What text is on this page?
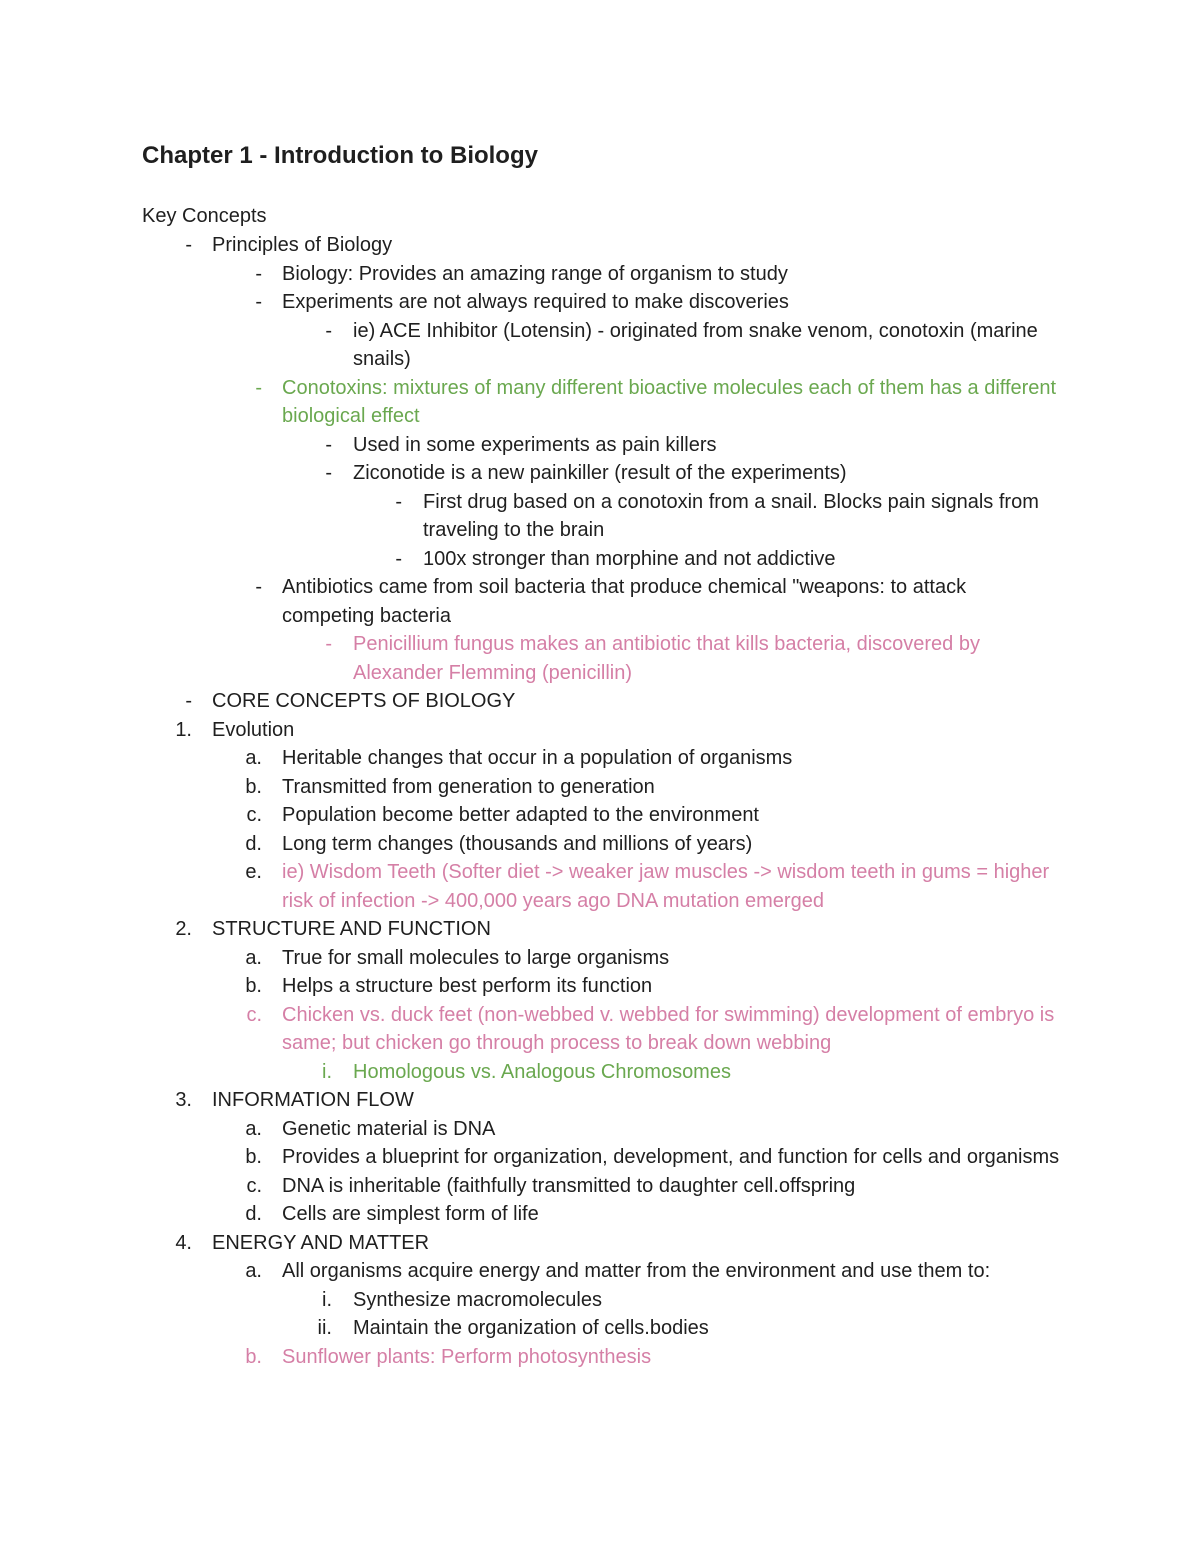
Chapter 1 - Introduction to Biology
Key Concepts
- Principles of Biology
- Biology: Provides an amazing range of organism to study
- Experiments are not always required to make discoveries
- ie) ACE Inhibitor (Lotensin) - originated from snake venom, conotoxin (marine snails)
- Conotoxins: mixtures of many different bioactive molecules each of them has a different biological effect
- Used in some experiments as pain killers
- Ziconotide is a new painkiller (result of the experiments)
- First drug based on a conotoxin from a snail. Blocks pain signals from traveling to the brain
- 100x stronger than morphine and not addictive
- Antibiotics came from soil bacteria that produce chemical "weapons: to attack competing bacteria
- Penicillium fungus makes an antibiotic that kills bacteria, discovered by Alexander Flemming (penicillin)
- CORE CONCEPTS OF BIOLOGY
1. Evolution
a. Heritable changes that occur in a population of organisms
b. Transmitted from generation to generation
c. Population become better adapted to the environment
d. Long term changes (thousands and millions of years)
e. ie) Wisdom Teeth (Softer diet -> weaker jaw muscles -> wisdom teeth in gums = higher risk of infection -> 400,000 years ago DNA mutation emerged
2. STRUCTURE AND FUNCTION
a. True for small molecules to large organisms
b. Helps a structure best perform its function
c. Chicken vs. duck feet (non-webbed v. webbed for swimming) development of embryo is same; but chicken go through process to break down webbing
i. Homologous vs. Analogous Chromosomes
3. INFORMATION FLOW
a. Genetic material is DNA
b. Provides a blueprint for organization, development, and function for cells and organisms
c. DNA is inheritable (faithfully transmitted to daughter cell.offspring
d. Cells are simplest form of life
4. ENERGY AND MATTER
a. All organisms acquire energy and matter from the environment and use them to:
i. Synthesize macromolecules
ii. Maintain the organization of cells.bodies
b. Sunflower plants: Perform photosynthesis
